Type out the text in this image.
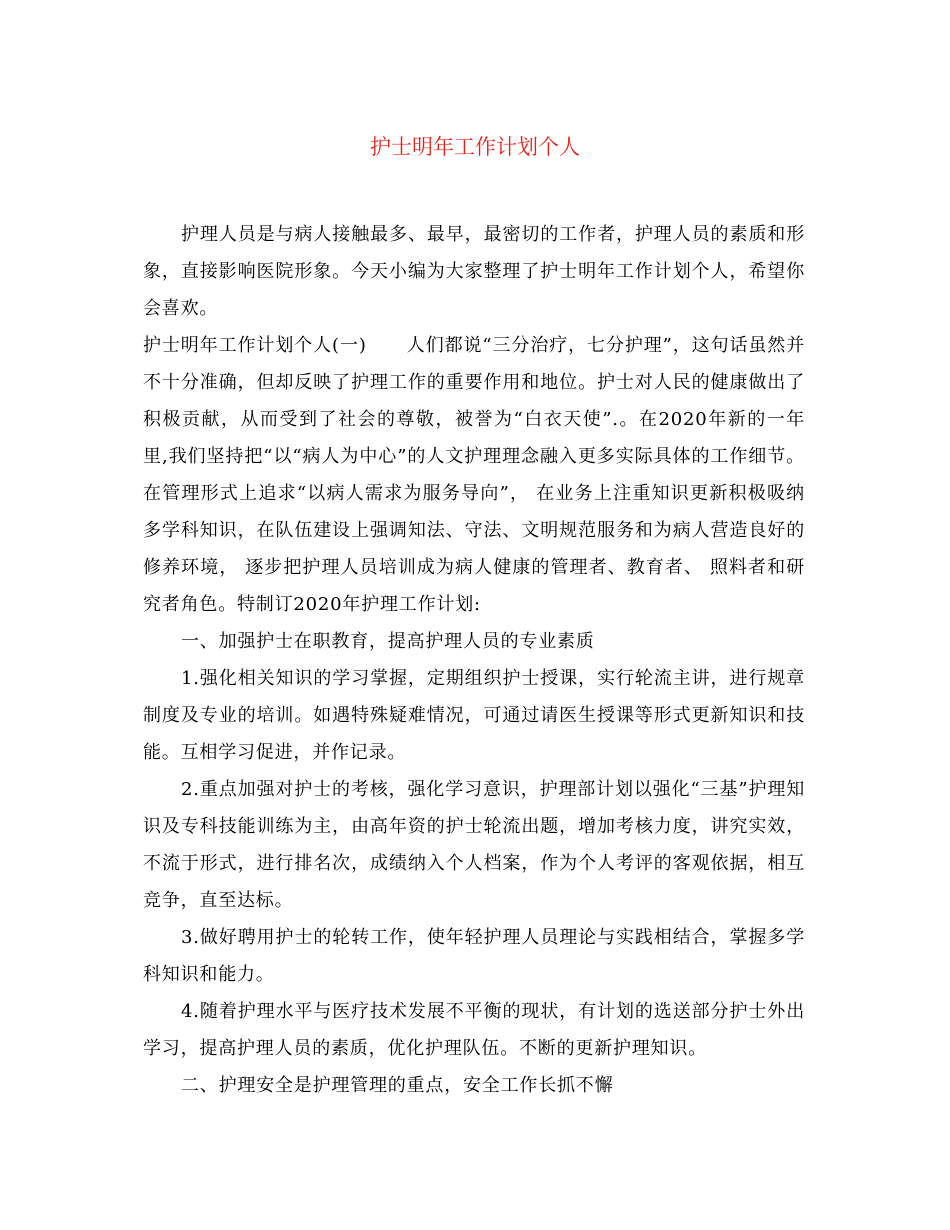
护士明年工作计划个人

护理人员是与病人接触最多、最早，最密切的工作者，护理人员的素质和形象，直接影响医院形象。今天小编为大家整理了护士明年工作计划个人，希望你会喜欢。

护士明年工作计划个人(一) 人们都说“三分治疗，七分护理”，这句话虽然并不十分准确，但却反映了护理工作的重要作用和地位。护士对人民的健康做出了积极贡献，从而受到了社会的尊敬，被誉为“白衣天使”.。在2020年新的一年里,我们坚持把“以“病人为中心”的人文护理理念融入更多实际具体的工作细节。在管理形式上追求“以病人需求为服务导向”， 在业务上注重知识更新积极吸纳多学科知识，在队伍建设上强调知法、守法、文明规范服务和为病人营造良好的修养环境， 逐步把护理人员培训成为病人健康的管理者、教育者、 照料者和研究者角色。特制订2020年护理工作计划:

一、加强护士在职教育，提高护理人员的专业素质

1.强化相关知识的学习掌握，定期组织护士授课，实行轮流主讲，进行规章制度及专业的培训。如遇特殊疑难情况，可通过请医生授课等形式更新知识和技能。互相学习促进，并作记录。

2.重点加强对护士的考核，强化学习意识，护理部计划以强化“三基”护理知识及专科技能训练为主，由高年资的护士轮流出题，增加考核力度，讲究实效，不流于形式，进行排名次，成绩纳入个人档案，作为个人考评的客观依据，相互竞争，直至达标。

3.做好聘用护士的轮转工作，使年轻护理人员理论与实践相结合，掌握多学科知识和能力。

4.随着护理水平与医疗技术发展不平衡的现状，有计划的选送部分护士外出学习，提高护理人员的素质，优化护理队伍。不断的更新护理知识。

二、护理安全是护理管理的重点，安全工作长抓不懈
